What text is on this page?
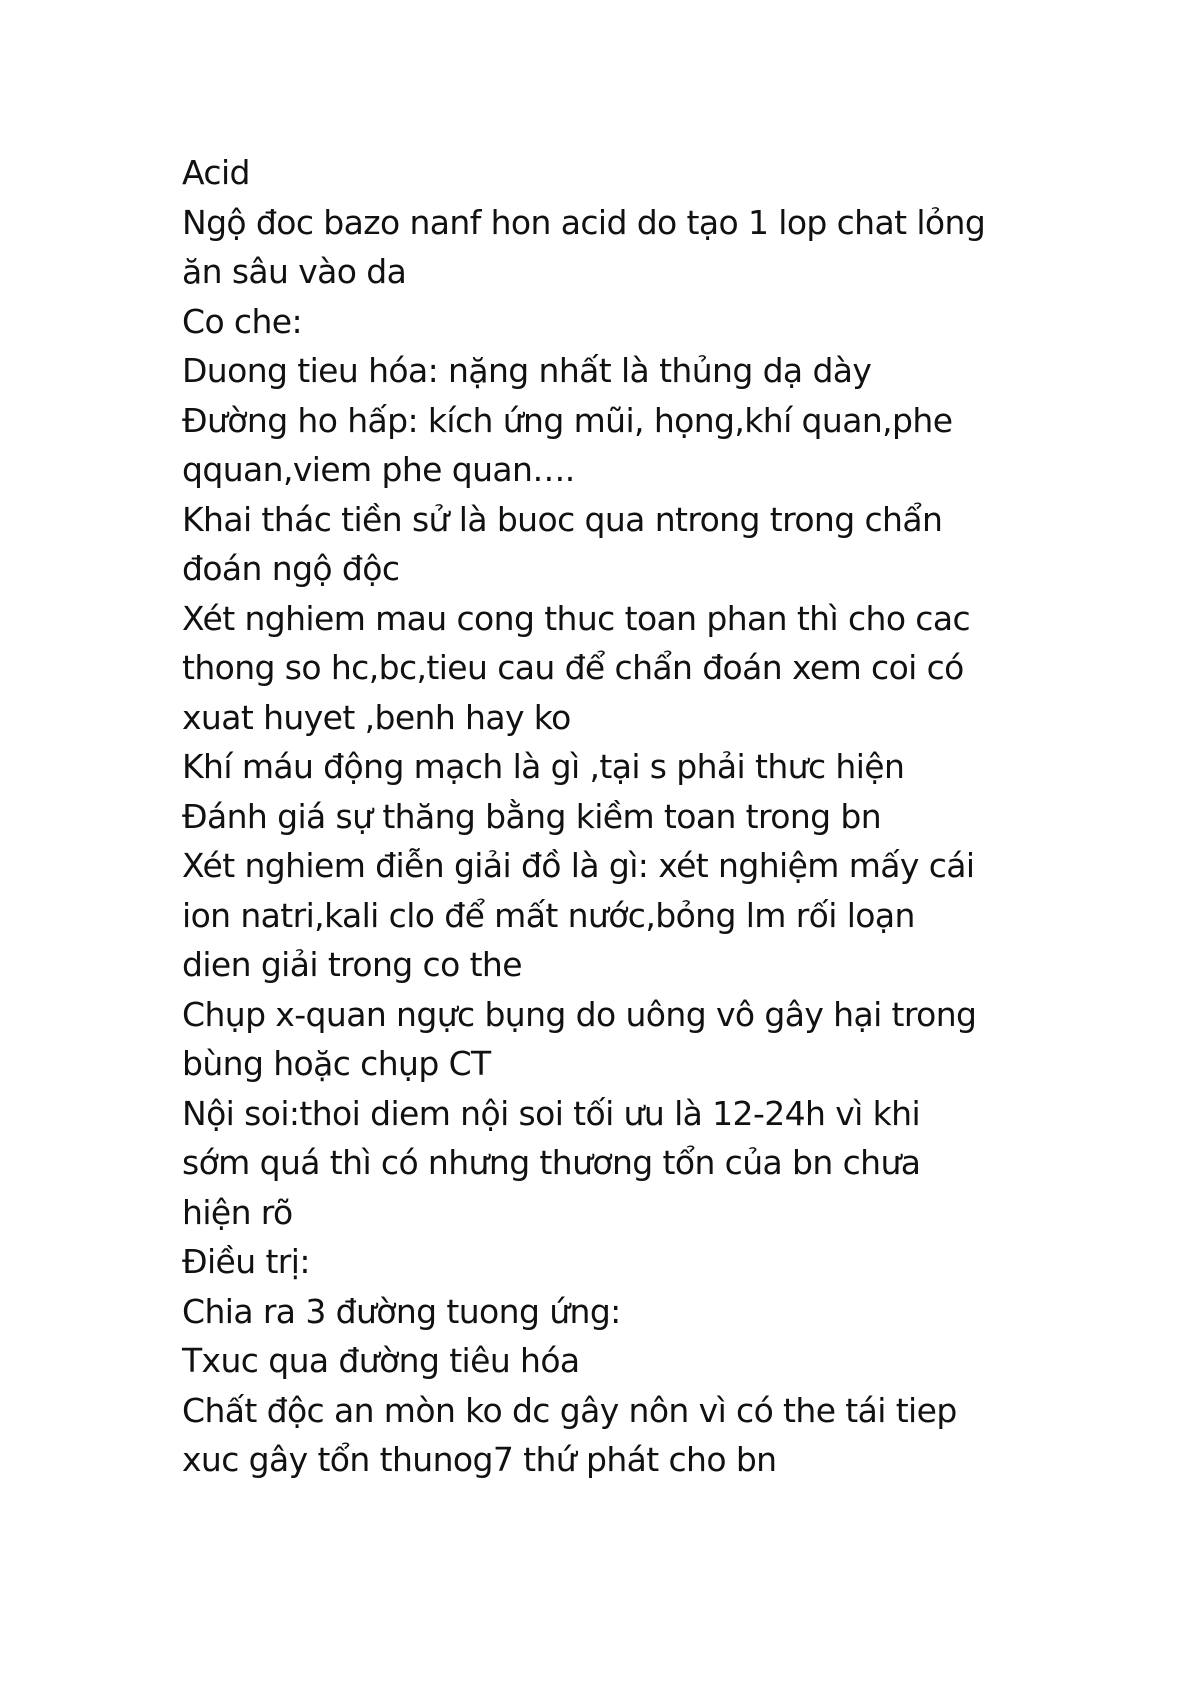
Acid
Ngộ đoc bazo nanf hon acid do tạo 1 lop chat lỏng
ăn sâu vào da
Co che:
Duong tieu hóa: nặng nhất là thủng dạ dày
Đường ho hấp: kích ứng mũi, họng,khí quan,phe
qquan,viem phe quan….
Khai thác tiền sử là buoc qua ntrong trong chẩn
đoán ngộ độc
Xét nghiem mau cong thuc toan phan thì cho cac
thong so hc,bc,tieu cau để chẩn đoán xem coi có
xuat huyet ,benh hay ko
Khí máu động mạch là gì ,tại s phải thưc hiện
Đánh giá sự thăng bằng kiềm toan trong bn
Xét nghiem điễn giải đồ là gì: xét nghiệm mấy cái
ion natri,kali clo để mất nước,bỏng lm rối loạn
dien giải trong co the
Chụp x-quan ngực bụng do uông vô gây hại trong
bùng hoặc chụp CT
Nội soi:thoi diem nội soi tối ưu là 12-24h vì khi
sớm quá thì có nhưng thương tổn của bn chưa
hiện rõ
Điều trị:
Chia ra 3 đường tuong ứng:
Txuc qua đường tiêu hóa
Chất độc an mòn ko dc gây nôn vì có the tái tiep
xuc gây tổn thunog7 thứ phát cho bn
